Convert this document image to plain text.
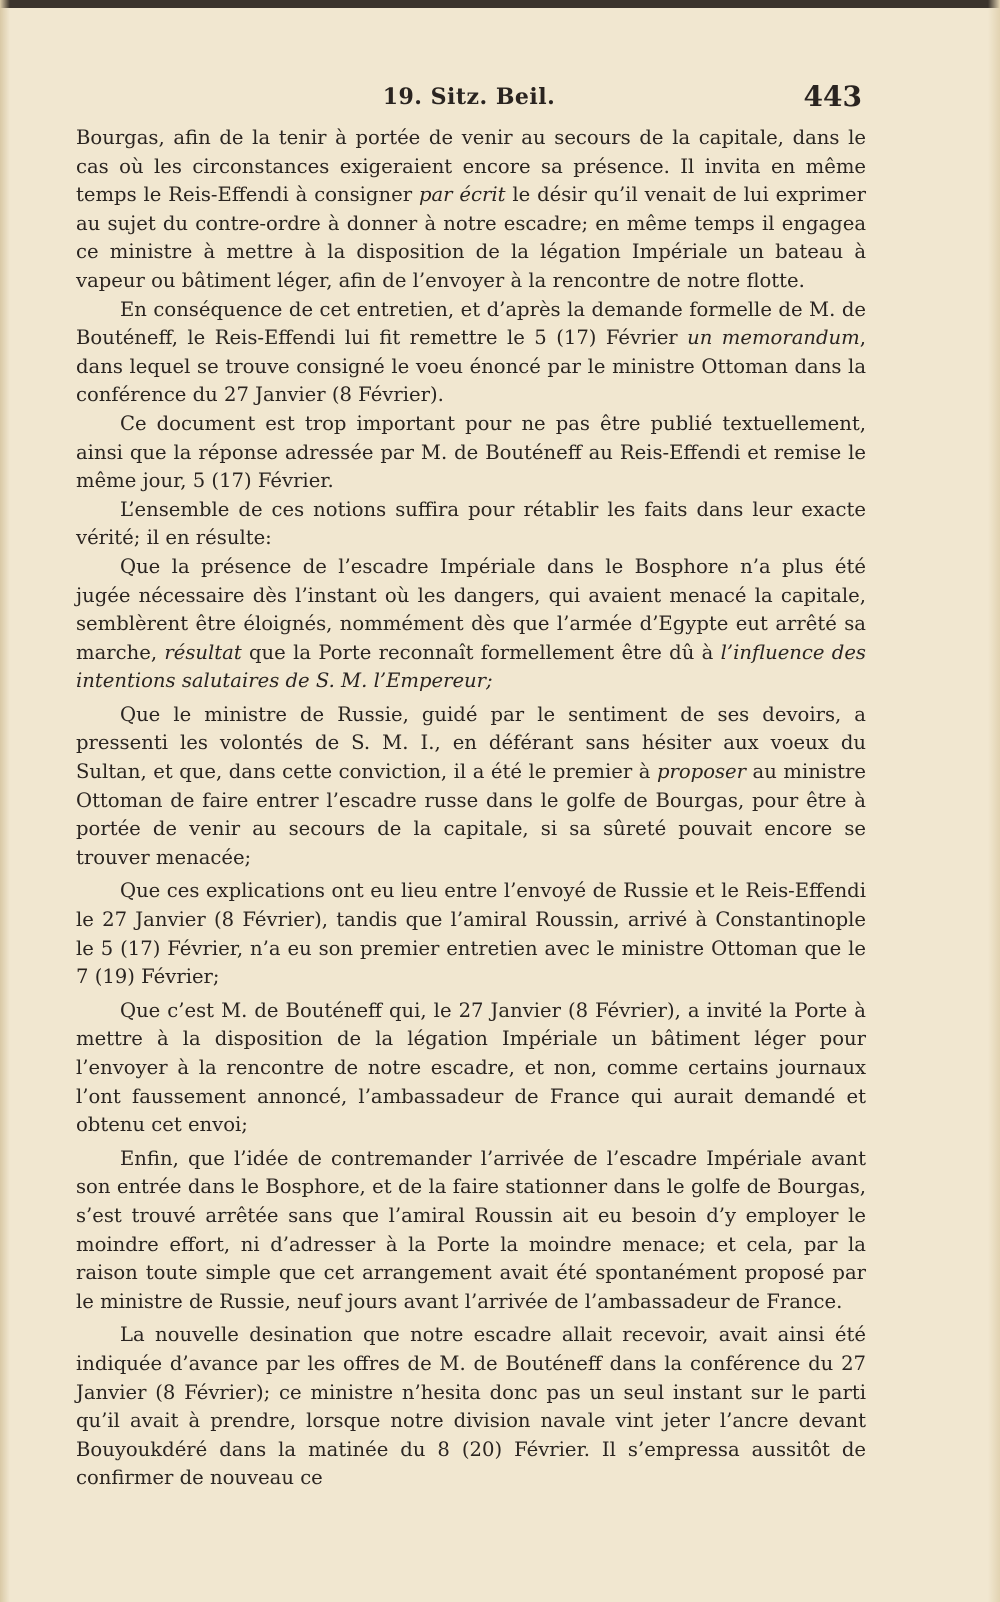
19. Sitz. Beil.	443

Bourgas, afin de la tenir à portée de venir au secours de la capitale, dans le cas où les circonstances exigeraient encore sa présence. Il invita en même temps le Reis-Effendi à consigner par écrit le désir qu’il venait de lui exprimer au sujet du contre-ordre à donner à notre escadre; en même temps il engagea ce ministre à mettre à la disposition de la légation Impériale un bateau à vapeur ou bâtiment léger, afin de l’envoyer à la rencontre de notre flotte.

En conséquence de cet entretien, et d’après la demande formelle de M. de Bouténeff, le Reis-Effendi lui fit remettre le 5 (17) Février un memorandum, dans lequel se trouve consigné le voeu énoncé par le ministre Ottoman dans la conférence du 27 Janvier (8 Février).

Ce document est trop important pour ne pas être publié textuellement, ainsi que la réponse adressée par M. de Bouténeff au Reis-Effendi et remise le même jour, 5 (17) Février.

L’ensemble de ces notions suffira pour rétablir les faits dans leur exacte vérité; il en résulte:

Que la présence de l’escadre Impériale dans le Bosphore n’a plus été jugée nécessaire dès l’instant où les dangers, qui avaient menacé la capitale, semblèrent être éloignés, nommément dès que l’armée d’Egypte eut arrêté sa marche, résultat que la Porte reconnaît formellement être dû à l’influence des intentions salutaires de S. M. l’Empereur;

Que le ministre de Russie, guidé par le sentiment de ses devoirs, a pressenti les volontés de S. M. I., en déférant sans hésiter aux voeux du Sultan, et que, dans cette conviction, il a été le premier à proposer au ministre Ottoman de faire entrer l’escadre russe dans le golfe de Bourgas, pour être à portée de venir au secours de la capitale, si sa sûreté pouvait encore se trouver menacée;

Que ces explications ont eu lieu entre l’envoyé de Russie et le Reis-Effendi le 27 Janvier (8 Février), tandis que l’amiral Roussin, arrivé à Constantinople le 5 (17) Février, n’a eu son premier entretien avec le ministre Ottoman que le 7 (19) Février;

Que c’est M. de Bouténeff qui, le 27 Janvier (8 Février), a invité la Porte à mettre à la disposition de la légation Impériale un bâtiment léger pour l’envoyer à la rencontre de notre escadre, et non, comme certains journaux l’ont faussement annoncé, l’ambassadeur de France qui aurait demandé et obtenu cet envoi;

Enfin, que l’idée de contremander l’arrivée de l’escadre Impériale avant son entrée dans le Bosphore, et de la faire stationner dans le golfe de Bourgas, s’est trouvé arrêtée sans que l’amiral Roussin ait eu besoin d’y employer le moindre effort, ni d’adresser à la Porte la moindre menace; et cela, par la raison toute simple que cet arrangement avait été spontanément proposé par le ministre de Russie, neuf jours avant l’arrivée de l’ambassadeur de France.

La nouvelle desination que notre escadre allait recevoir, avait ainsi été indiquée d’avance par les offres de M. de Bouténeff dans la conférence du 27 Janvier (8 Février); ce ministre n’hesita donc pas un seul instant sur le parti qu’il avait à prendre, lorsque notre division navale vint jeter l’ancre devant Bouyoukdéré dans la matinée du 8 (20) Février. Il s’empressa aussitôt de confirmer de nouveau ce
